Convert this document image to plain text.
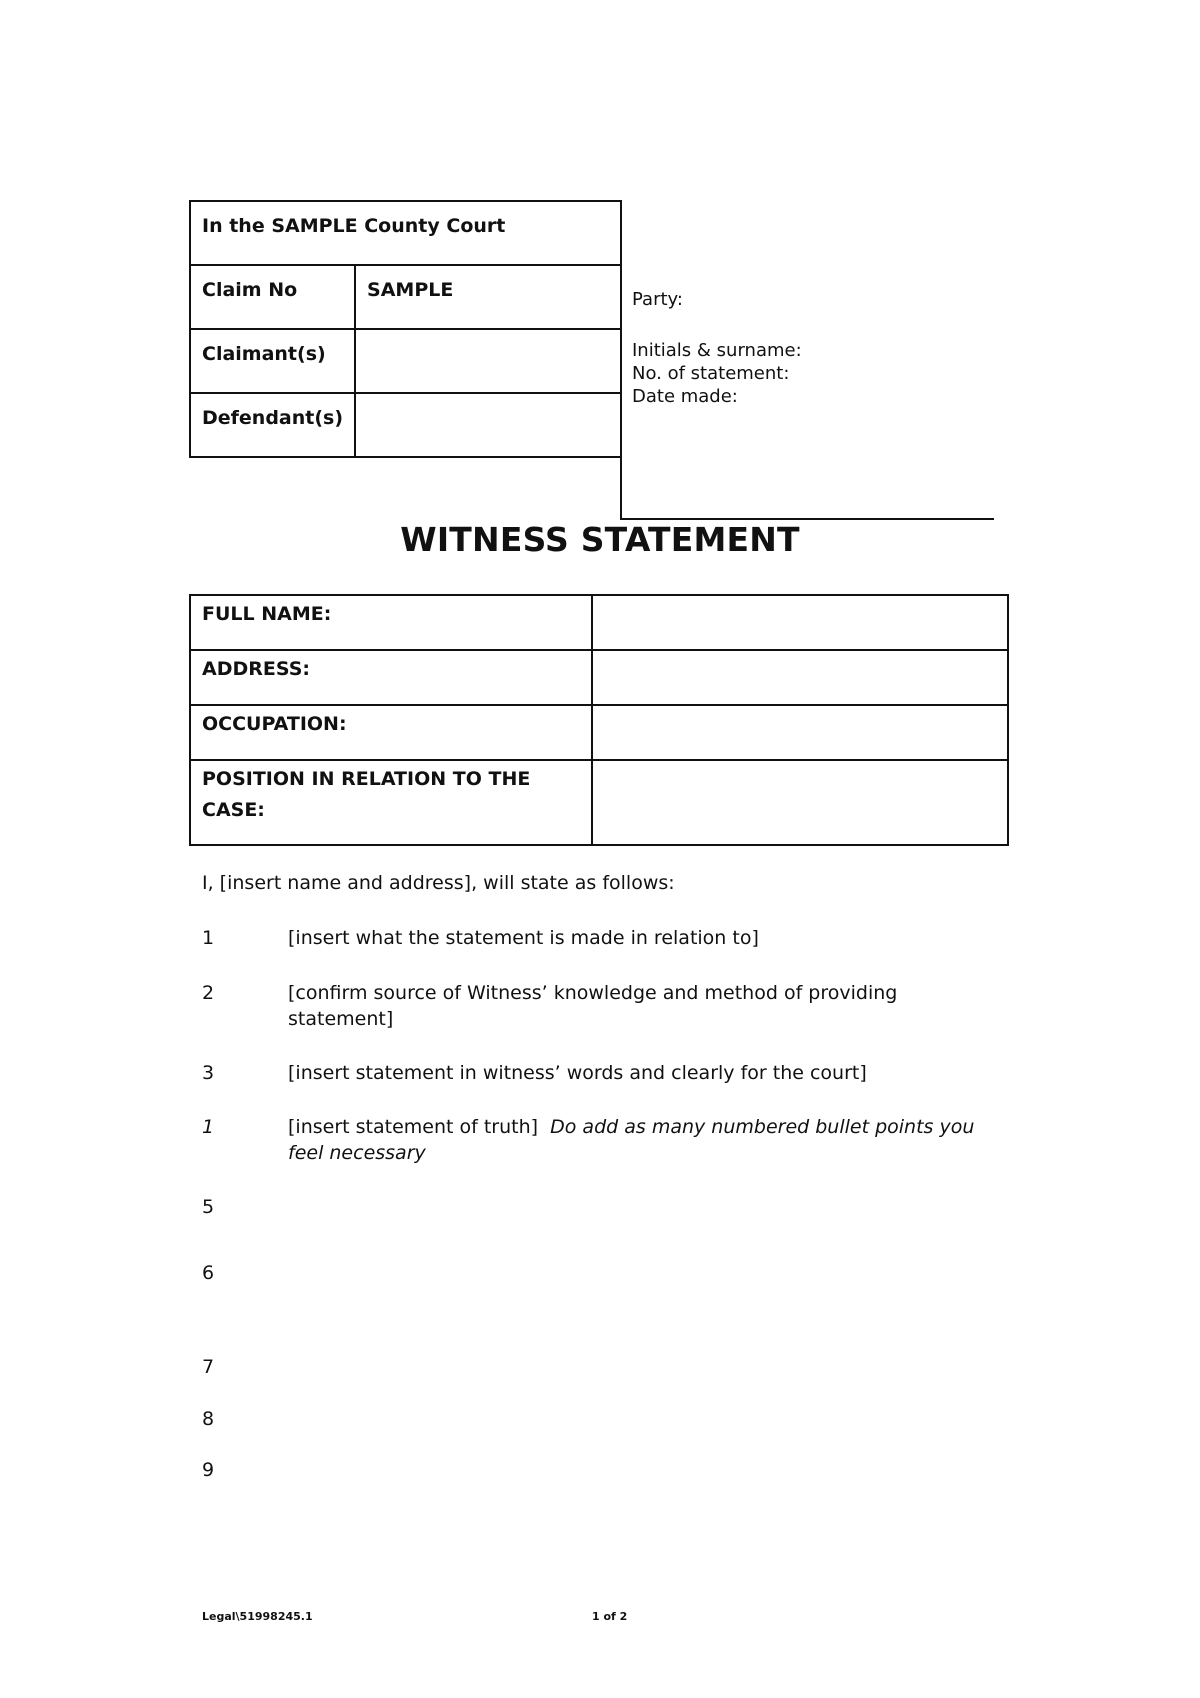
In the SAMPLE County Court	
Claim No	SAMPLE
Claimant(s)	
Defendant(s)	
Party:
Initials & surname:
No. of statement:
Date made:
WITNESS STATEMENT
FULL NAME:	
ADDRESS:	
OCCUPATION:	
POSITION IN RELATION TO THE CASE:	
I, [insert name and address], will state as follows:
1	[insert what the statement is made in relation to]
2	[confirm source of Witness’ knowledge and method of providing statement]
3	[insert statement in witness’ words and clearly for the court]
1	[insert statement of truth] Do add as many numbered bullet points you feel necessary
5
6
7
8
9
Legal\51998245.1	1 of 2
